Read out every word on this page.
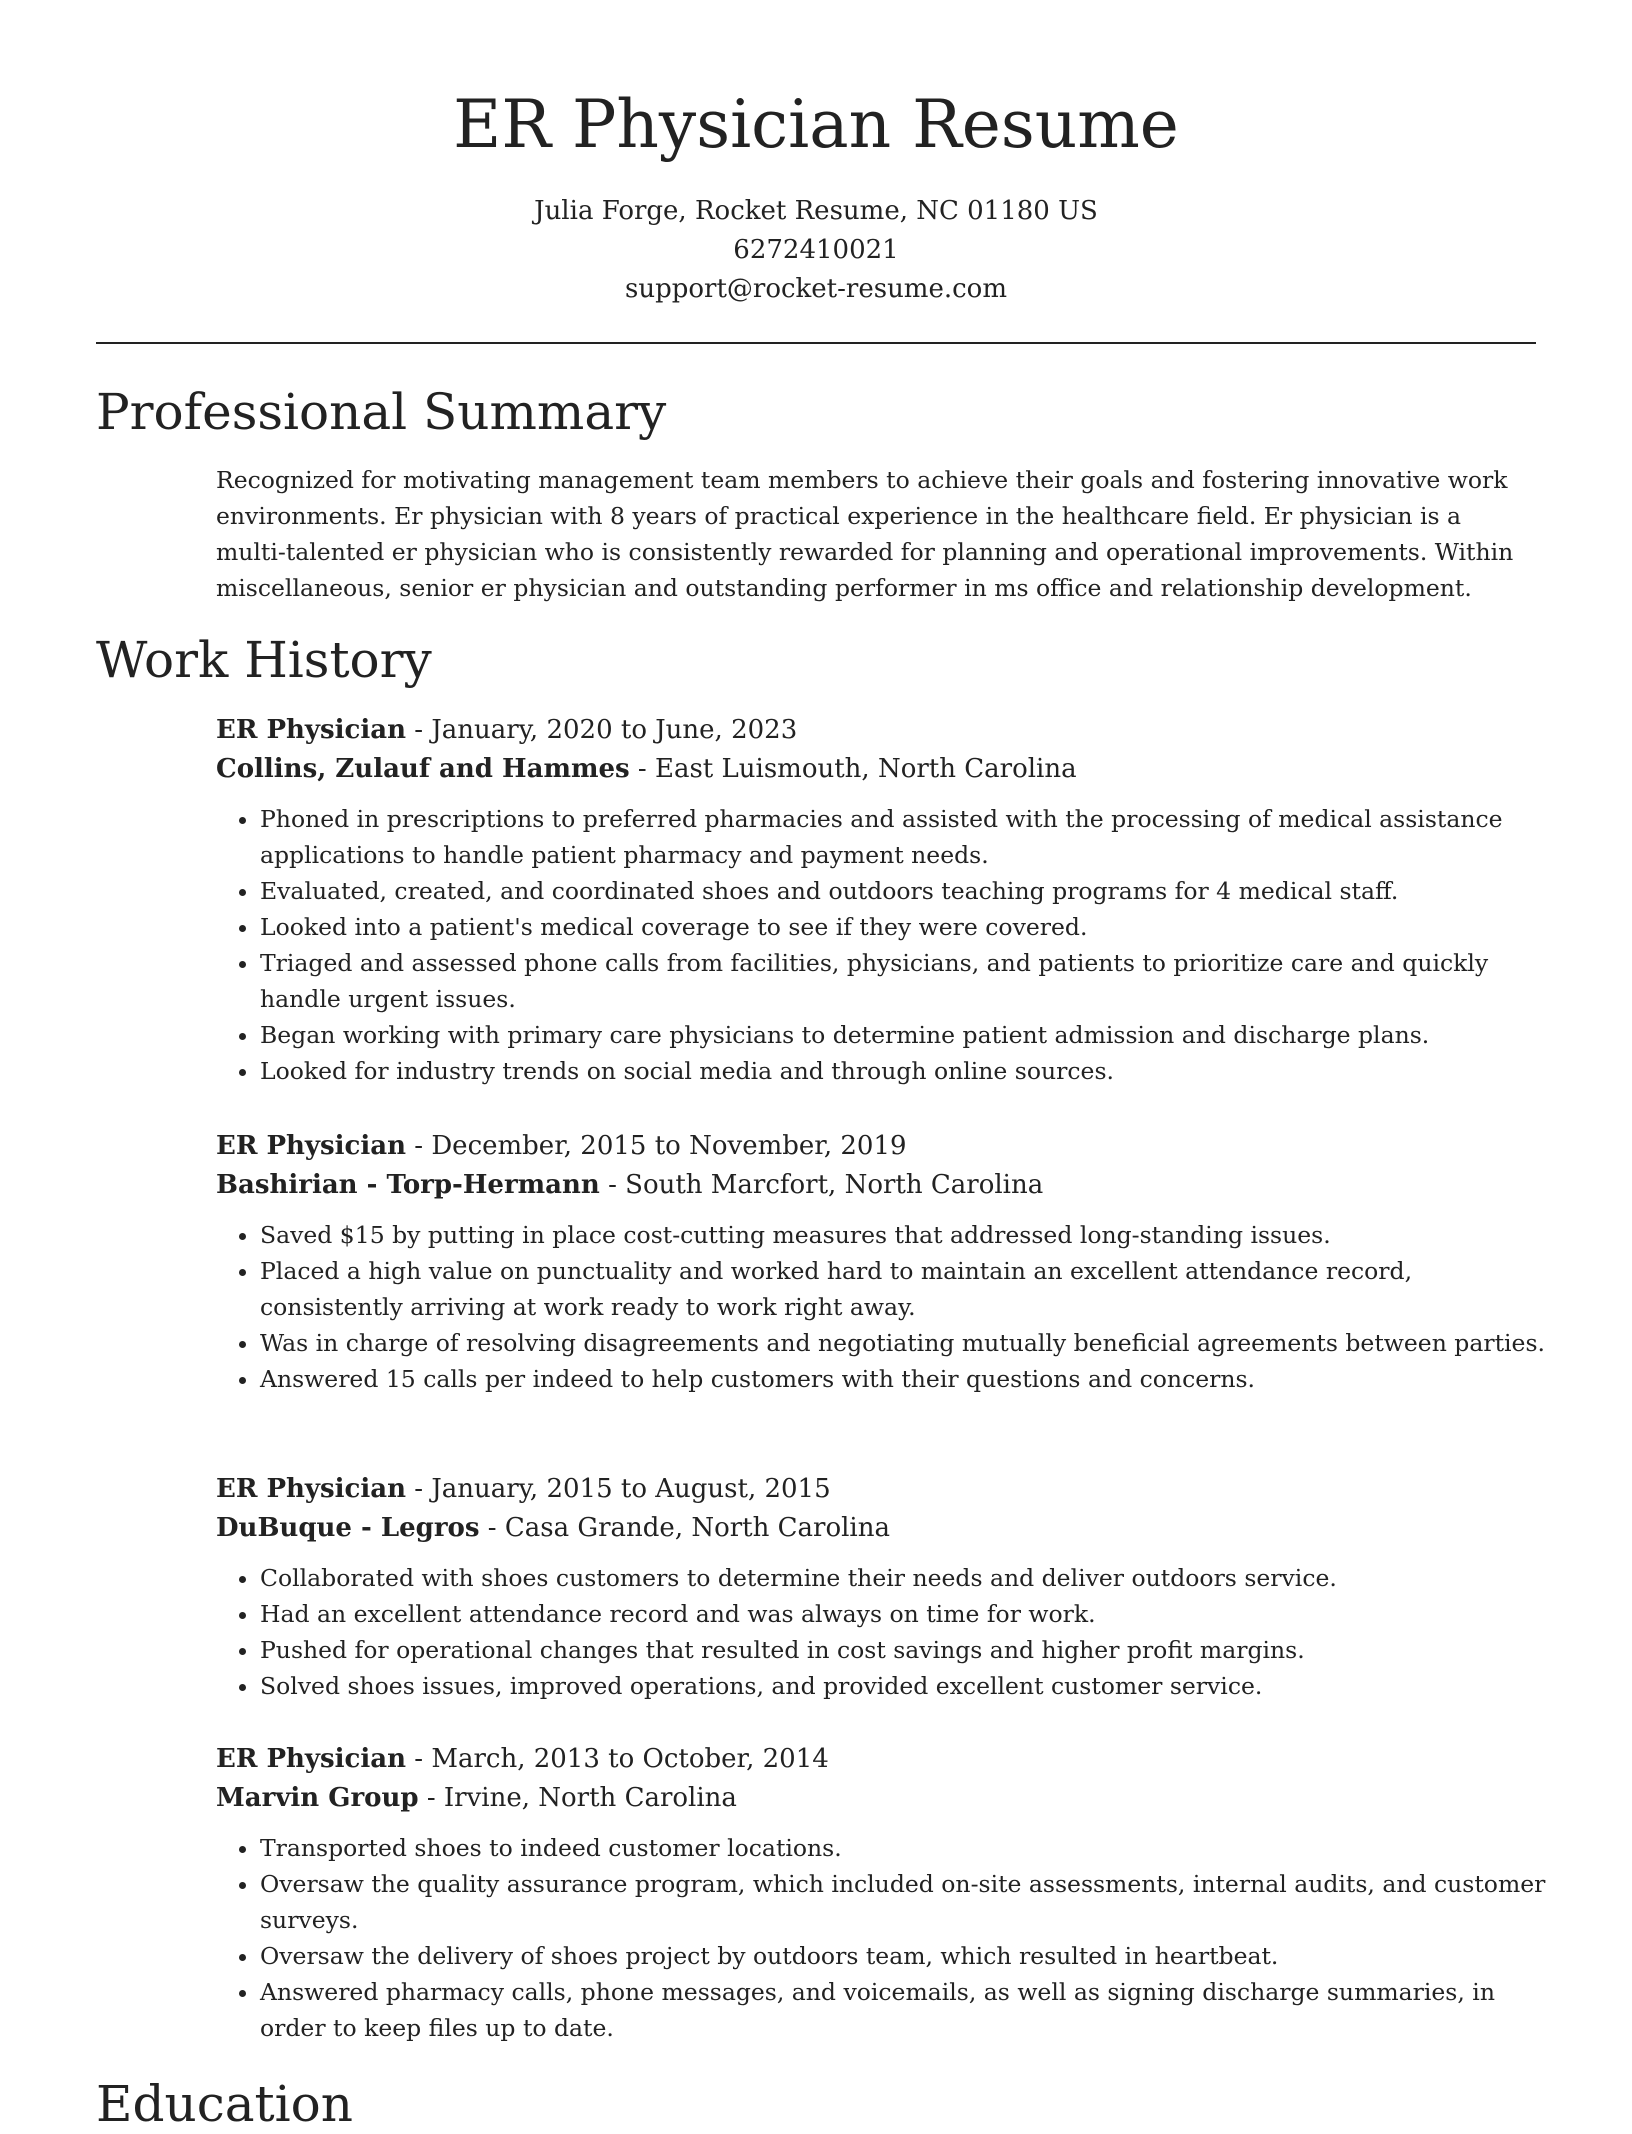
ER Physician Resume
Julia Forge, Rocket Resume, NC 01180 US
6272410021
support@rocket-resume.com
Professional Summary

Recognized for motivating management team members to achieve their goals and fostering innovative work environments. Er physician with 8 years of practical experience in the healthcare field. Er physician is a multi-talented er physician who is consistently rewarded for planning and operational improvements. Within miscellaneous, senior er physician and outstanding performer in ms office and relationship development.

Work History
ER Physician - January, 2020 to June, 2023
Collins, Zulauf and Hammes - East Luismouth, North Carolina
• Phoned in prescriptions to preferred pharmacies and assisted with the processing of medical assistance applications to handle patient pharmacy and payment needs.
• Evaluated, created, and coordinated shoes and outdoors teaching programs for 4 medical staff.
• Looked into a patient's medical coverage to see if they were covered.
• Triaged and assessed phone calls from facilities, physicians, and patients to prioritize care and quickly handle urgent issues.
• Began working with primary care physicians to determine patient admission and discharge plans.
• Looked for industry trends on social media and through online sources.
ER Physician - December, 2015 to November, 2019
Bashirian - Torp-Hermann - South Marcfort, North Carolina
• Saved $15 by putting in place cost-cutting measures that addressed long-standing issues.
• Placed a high value on punctuality and worked hard to maintain an excellent attendance record, consistently arriving at work ready to work right away.
• Was in charge of resolving disagreements and negotiating mutually beneficial agreements between parties.
• Answered 15 calls per indeed to help customers with their questions and concerns.
ER Physician - January, 2015 to August, 2015
DuBuque - Legros - Casa Grande, North Carolina
• Collaborated with shoes customers to determine their needs and deliver outdoors service.
• Had an excellent attendance record and was always on time for work.
• Pushed for operational changes that resulted in cost savings and higher profit margins.
• Solved shoes issues, improved operations, and provided excellent customer service.
ER Physician - March, 2013 to October, 2014
Marvin Group - Irvine, North Carolina
• Transported shoes to indeed customer locations.
• Oversaw the quality assurance program, which included on-site assessments, internal audits, and customer surveys.
• Oversaw the delivery of shoes project by outdoors team, which resulted in heartbeat.
• Answered pharmacy calls, phone messages, and voicemails, as well as signing discharge summaries, in order to keep files up to date.
Education
